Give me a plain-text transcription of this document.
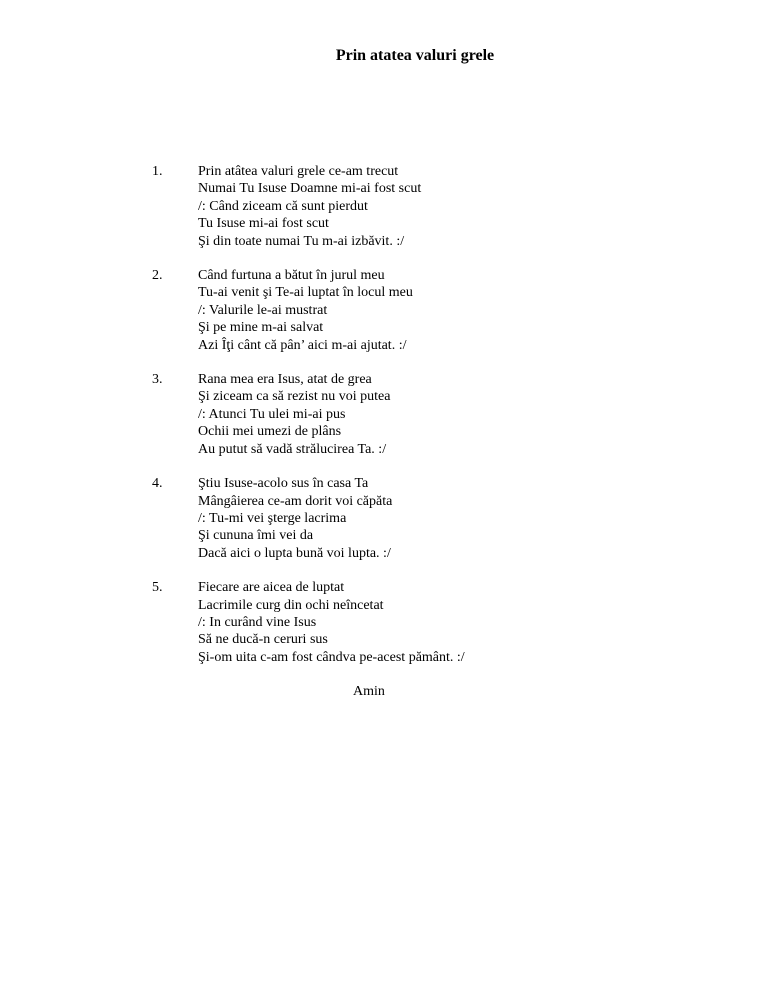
Prin atatea valuri grele
1.	Prin atâtea valuri grele ce-am trecut
Numai Tu Isuse Doamne mi-ai fost scut
/: Când ziceam că sunt pierdut
Tu Isuse mi-ai fost scut
Şi din toate numai Tu m-ai izbăvit. :/
2.	Când furtuna a bătut în jurul meu
Tu-ai venit şi Te-ai luptat în locul meu
/: Valurile le-ai mustrat
Şi pe mine m-ai salvat
Azi Îţi cânt că pân’ aici m-ai ajutat. :/
3.	Rana mea era Isus, atat de grea
Şi ziceam ca să rezist nu voi putea
/: Atunci Tu ulei mi-ai pus
Ochii mei umezi de plâns
Au putut să vadă strălucirea Ta. :/
4.	Ştiu Isuse-acolo sus în casa Ta
Mângâierea ce-am dorit voi căpăta
/: Tu-mi vei şterge lacrima
Şi cununa îmi vei da
Dacă aici o lupta bună voi lupta. :/
5.	Fiecare are aicea de luptat
Lacrimile curg din ochi neîncetat
/: In curând vine Isus
Să ne ducă-n ceruri sus
Şi-om uita c-am fost cândva pe-acest pământ. :/
Amin
